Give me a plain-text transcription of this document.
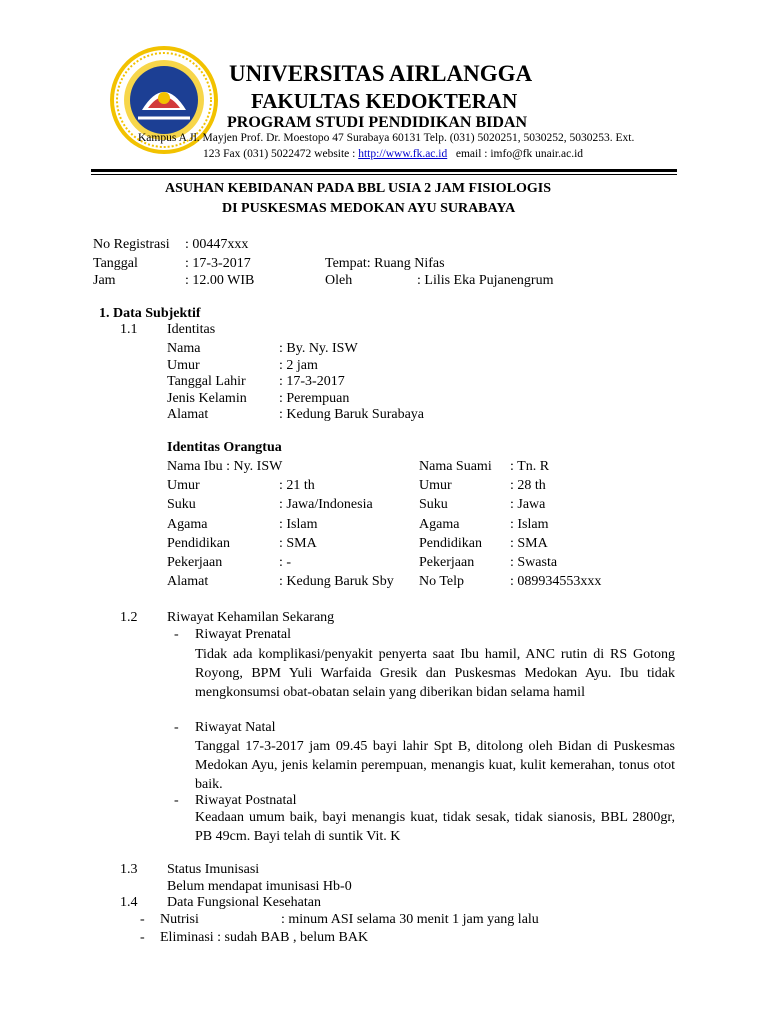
UNIVERSITAS AIRLANGGA
FAKULTAS KEDOKTERAN
PROGRAM STUDI PENDIDIKAN BIDAN
Kampus A Jl. Mayjen Prof. Dr. Moestopo 47 Surabaya 60131 Telp. (031) 5020251, 5030252, 5030253. Ext.
123 Fax (031) 5022472 website : http://www.fk.ac.id email : imfo@fk unair.ac.id
ASUHAN KEBIDANAN PADA BBL USIA 2 JAM FISIOLOGIS
DI PUSKESMAS MEDOKAN AYU SURABAYA
No Registrasi : 00447xxx
Tanggal	: 17-3-2017	Tempat: Ruang Nifas
Jam	: 12.00 WIB	Oleh	: Lilis Eka Pujanengrum
1. Data Subjektif
1.1 Identitas
Nama	: By. Ny. ISW
Umur	: 2 jam
Tanggal Lahir : 17-3-2017
Jenis Kelamin : Perempuan
Alamat	: Kedung Baruk Surabaya
Identitas Orangtua
Nama Ibu : Ny. ISW	Nama Suami : Tn. R
Umur	: 21 th	Umur	: 28 th
Suku	: Jawa/Indonesia	Suku	: Jawa
Agama	: Islam	Agama	: Islam
Pendidikan	: SMA	Pendidikan : SMA
Pekerjaan	: -	Pekerjaan	: Swasta
Alamat	: Kedung Baruk Sby No Telp	: 089934553xxx
1.2 Riwayat Kehamilan Sekarang
- Riwayat Prenatal
Tidak ada komplikasi/penyakit penyerta saat Ibu hamil, ANC rutin di RS Gotong Royong, BPM Yuli Warfaida Gresik dan Puskesmas Medokan Ayu. Ibu tidak mengkonsumsi obat-obatan selain yang diberikan bidan selama hamil
- Riwayat Natal
Tanggal 17-3-2017 jam 09.45 bayi lahir Spt B, ditolong oleh Bidan di Puskesmas Medokan Ayu, jenis kelamin perempuan, menangis kuat, kulit kemerahan, tonus otot baik.
- Riwayat Postnatal
Keadaan umum baik, bayi menangis kuat, tidak sesak, tidak sianosis, BBL 2800gr, PB 49cm. Bayi telah di suntik Vit. K
1.3 Status Imunisasi
Belum mendapat imunisasi Hb-0
1.4 Data Fungsional Kesehatan
- Nutrisi	: minum ASI selama 30 menit 1 jam yang lalu
- Eliminasi : sudah BAB , belum BAK
